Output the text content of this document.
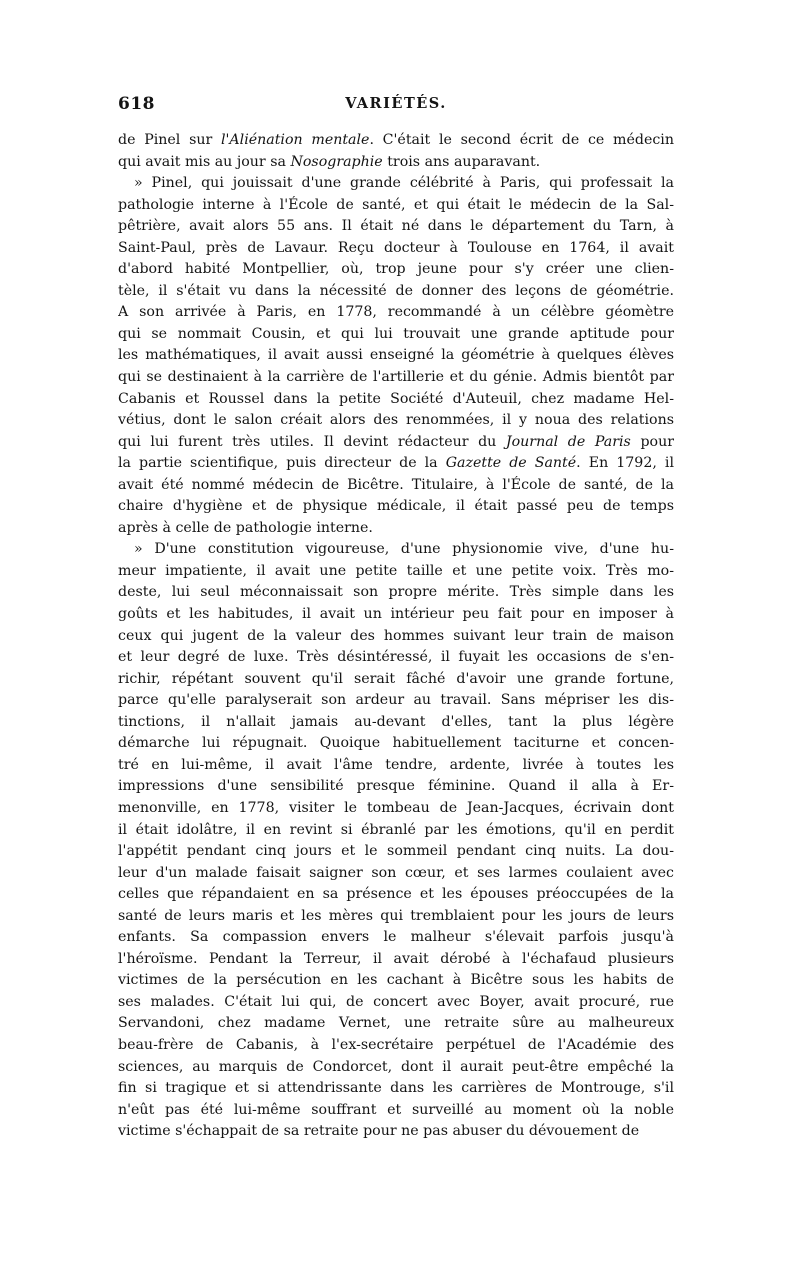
618	VARIÉTÉS.
de Pinel sur l'Aliénation mentale. C'était le second écrit de ce médecin
qui avait mis au jour sa Nosographie trois ans auparavant.
» Pinel, qui jouissait d'une grande célébrité à Paris, qui professait la
pathologie interne à l'École de santé, et qui était le médecin de la Sal-
pêtrière, avait alors 55 ans. Il était né dans le département du Tarn, à
Saint-Paul, près de Lavaur. Reçu docteur à Toulouse en 1764, il avait
d'abord habité Montpellier, où, trop jeune pour s'y créer une clien-
tèle, il s'était vu dans la nécessité de donner des leçons de géométrie.
A son arrivée à Paris, en 1778, recommandé à un célèbre géomètre
qui se nommait Cousin, et qui lui trouvait une grande aptitude pour
les mathématiques, il avait aussi enseigné la géométrie à quelques élèves
qui se destinaient à la carrière de l'artillerie et du génie. Admis bientôt par
Cabanis et Roussel dans la petite Société d'Auteuil, chez madame Hel-
vétius, dont le salon créait alors des renommées, il y noua des relations
qui lui furent très utiles. Il devint rédacteur du Journal de Paris pour
la partie scientifique, puis directeur de la Gazette de Santé. En 1792, il
avait été nommé médecin de Bicêtre. Titulaire, à l'École de santé, de la
chaire d'hygiène et de physique médicale, il était passé peu de temps
après à celle de pathologie interne.
» D'une constitution vigoureuse, d'une physionomie vive, d'une hu-
meur impatiente, il avait une petite taille et une petite voix. Très mo-
deste, lui seul méconnaissait son propre mérite. Très simple dans les
goûts et les habitudes, il avait un intérieur peu fait pour en imposer à
ceux qui jugent de la valeur des hommes suivant leur train de maison
et leur degré de luxe. Très désintéressé, il fuyait les occasions de s'en-
richir, répétant souvent qu'il serait fâché d'avoir une grande fortune,
parce qu'elle paralyserait son ardeur au travail. Sans mépriser les dis-
tinctions, il n'allait jamais au-devant d'elles, tant la plus légère
démarche lui répugnait. Quoique habituellement taciturne et concen-
tré en lui-même, il avait l'âme tendre, ardente, livrée à toutes les
impressions d'une sensibilité presque féminine. Quand il alla à Er-
menonville, en 1778, visiter le tombeau de Jean-Jacques, écrivain dont
il était idolâtre, il en revint si ébranlé par les émotions, qu'il en perdit
l'appétit pendant cinq jours et le sommeil pendant cinq nuits. La dou-
leur d'un malade faisait saigner son cœur, et ses larmes coulaient avec
celles que répandaient en sa présence et les épouses préoccupées de la
santé de leurs maris et les mères qui tremblaient pour les jours de leurs
enfants. Sa compassion envers le malheur s'élevait parfois jusqu'à
l'héroïsme. Pendant la Terreur, il avait dérobé à l'échafaud plusieurs
victimes de la persécution en les cachant à Bicêtre sous les habits de
ses malades. C'était lui qui, de concert avec Boyer, avait procuré, rue
Servandoni, chez madame Vernet, une retraite sûre au malheureux
beau-frère de Cabanis, à l'ex-secrétaire perpétuel de l'Académie des
sciences, au marquis de Condorcet, dont il aurait peut-être empêché la
fin si tragique et si attendrissante dans les carrières de Montrouge, s'il
n'eût pas été lui-même souffrant et surveillé au moment où la noble
victime s'échappait de sa retraite pour ne pas abuser du dévouement de
